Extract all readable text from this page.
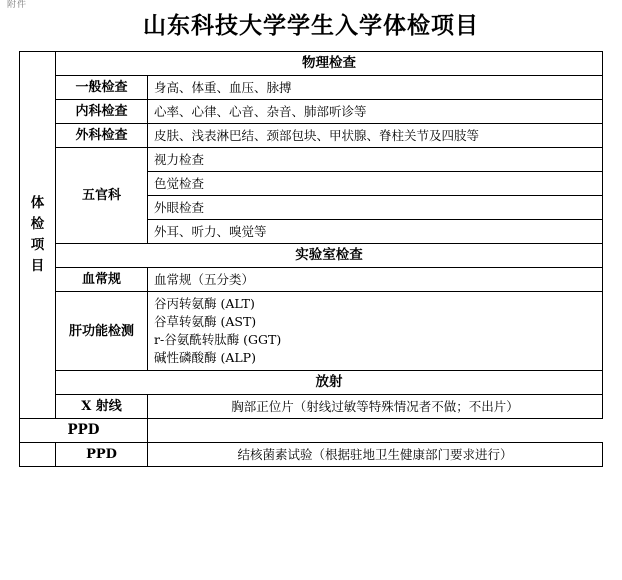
附件
山东科技大学学生入学体检项目
体
检
项
目	物理检查	
	一般检查	身高、体重、血压、脉搏
	内科检查	心率、心律、心音、杂音、肺部听诊等
	外科检查	皮肤、浅表淋巴结、颈部包块、甲状腺、脊柱关节及四肢等
	五官科	视力检查
		色觉检查
		外眼检查
		外耳、听力、嗅觉等
	实验室检查	
	血常规	血常规（五分类）
	肝功能检测	谷丙转氨酶 (ALT)
谷草转氨酶 (AST)
r-谷氨酰转肽酶 (GGT)
碱性磷酸酶 (ALP)

	放射	
	X 射线	胸部正位片（射线过敏等特殊情况者不做；不出片）
PPD		
	PPD	结核菌素试验（根据驻地卫生健康部门要求进行）
